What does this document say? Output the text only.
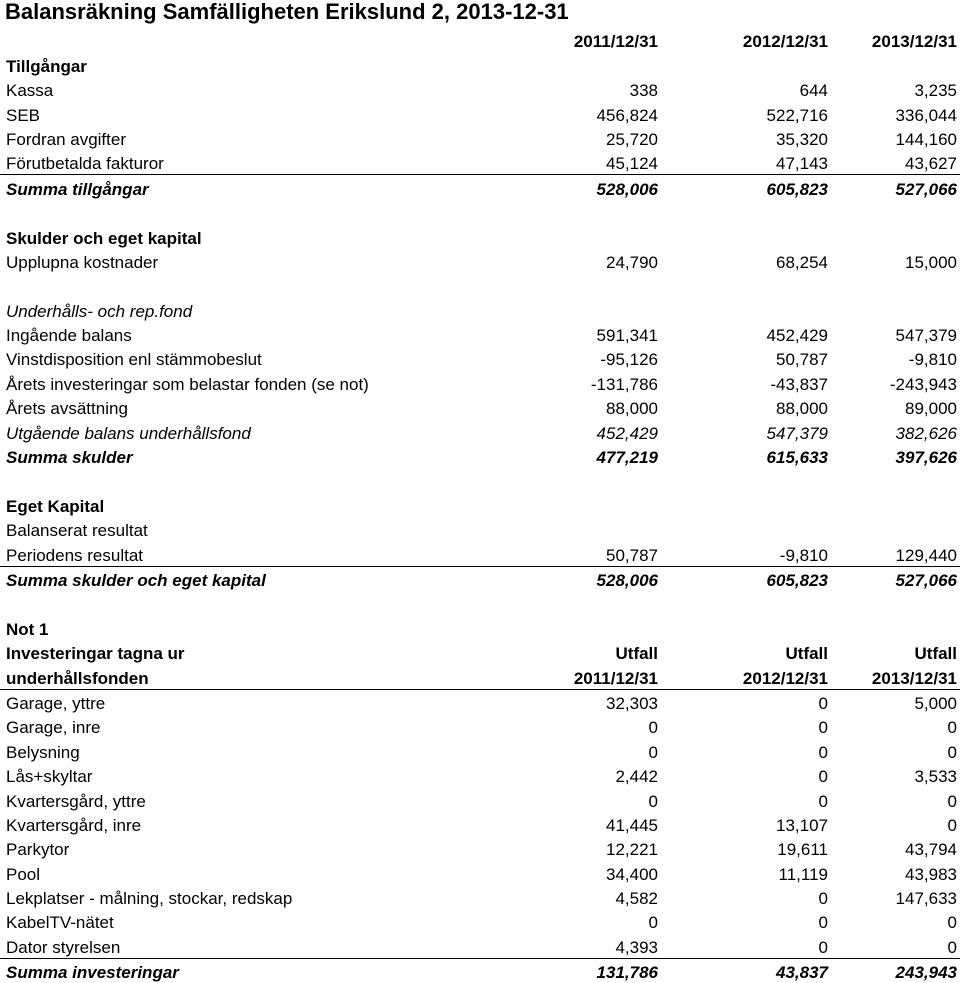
Balansräkning Samfälligheten Erikslund 2, 2013-12-31
	2011/12/31	2012/12/31	2013/12/31
Tillgångar			
Kassa	338	644	3,235
SEB	456,824	522,716	336,044
Fordran avgifter	25,720	35,320	144,160
Förutbetalda fakturor	45,124	47,143	43,627
Summa tillgångar	528,006	605,823	527,066

Skulder och eget kapital			
Upplupna kostnader	24,790	68,254	15,000

Underhålls- och rep.fond			
Ingående balans	591,341	452,429	547,379
Vinstdisposition enl stämmobeslut	-95,126	50,787	-9,810
Årets investeringar som belastar fonden (se not)	-131,786	-43,837	-243,943
Årets avsättning	88,000	88,000	89,000
Utgående balans underhållsfond	452,429	547,379	382,626
Summa skulder	477,219	615,633	397,626

Eget Kapital			
Balanserat resultat			
Periodens resultat	50,787	-9,810	129,440
Summa skulder och eget kapital	528,006	605,823	527,066

Not 1			
Investeringar tagna ur	Utfall	Utfall	Utfall
underhållsfonden	2011/12/31	2012/12/31	2013/12/31
Garage, yttre	32,303	0	5,000
Garage, inre	0	0	0
Belysning	0	0	0
Lås+skyltar	2,442	0	3,533
Kvartersgård, yttre	0	0	0
Kvartersgård, inre	41,445	13,107	0
Parkytor	12,221	19,611	43,794
Pool	34,400	11,119	43,983
Lekplatser - målning, stockar, redskap	4,582	0	147,633
KabelTV-nätet	0	0	0
Dator styrelsen	4,393	0	0
Summa investeringar	131,786	43,837	243,943
